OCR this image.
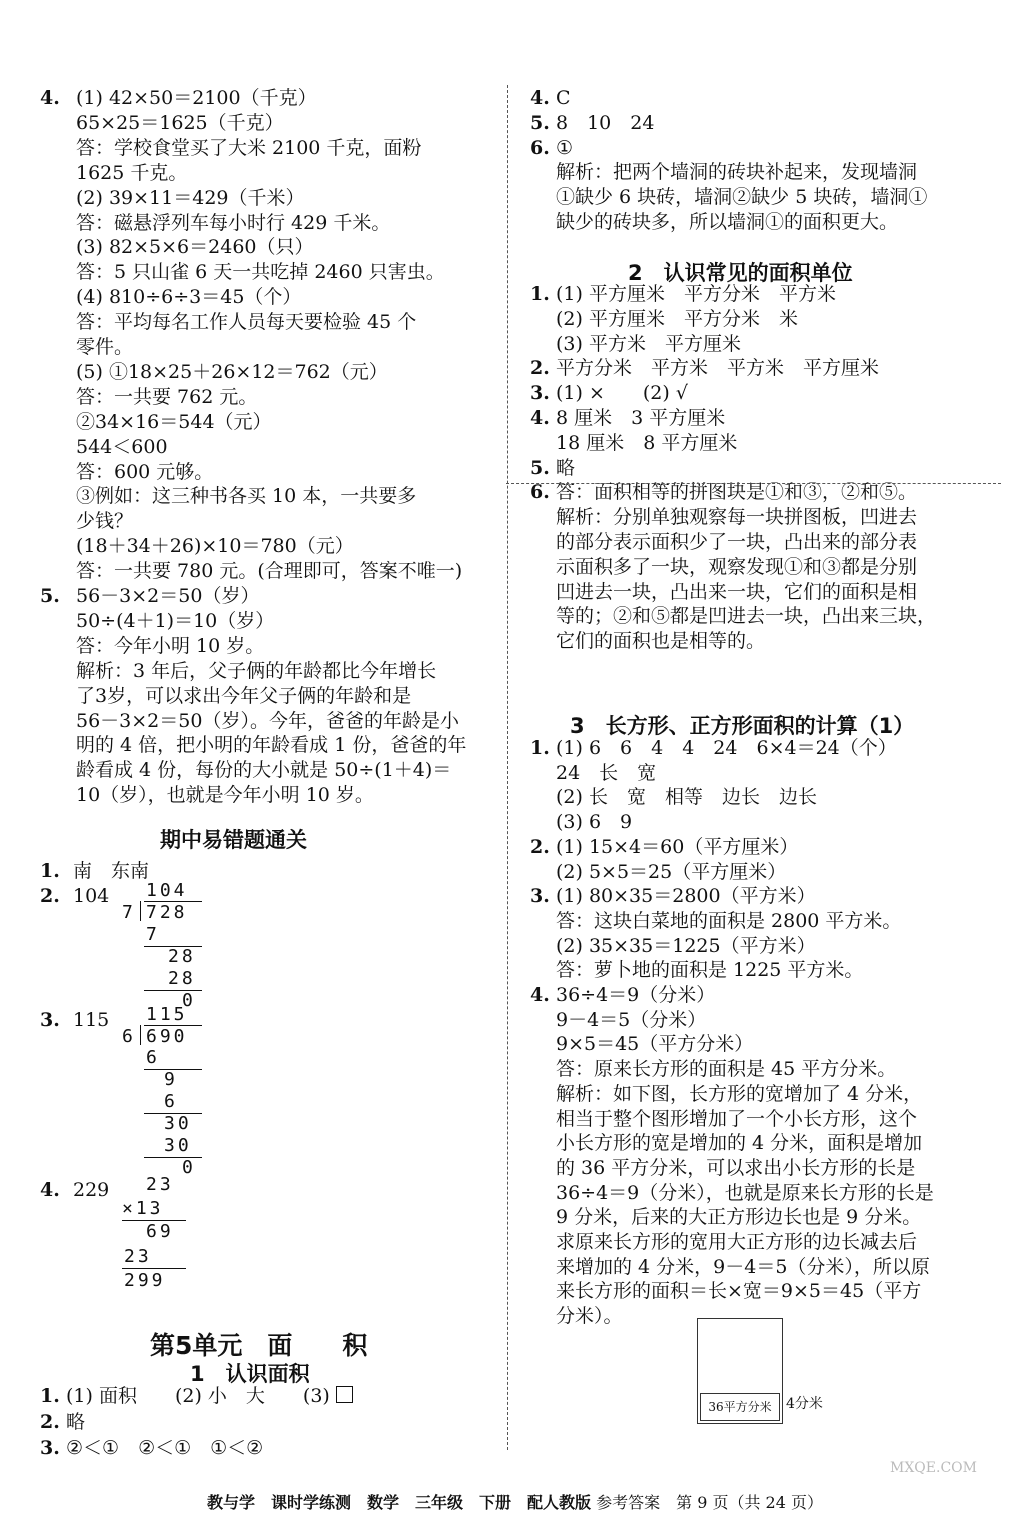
4. (1) 42×50＝2100（千克）
65×25＝1625（千克）
答：学校食堂买了大米 2100 千克，面粉
1625 千克。
(2) 39×11＝429（千米）
答：磁悬浮列车每小时行 429 千米。
(3) 82×5×6＝2460（只）
答：5 只山雀 6 天一共吃掉 2460 只害虫。
(4) 810÷6÷3＝45（个）
答：平均每名工作人员每天要检验 45 个
零件。
(5) ①18×25＋26×12＝762（元）
答：一共要 762 元。
②34×16＝544（元）
544＜600
答：600 元够。
③例如：这三种书各买 10 本，一共要多
少钱？
(18＋34＋26)×10＝780（元）
答：一共要 780 元。(合理即可，答案不唯一)
5. 56－3×2＝50（岁）
50÷(4＋1)＝10（岁）
答：今年小明 10 岁。
解析：3 年后，父子俩的年龄都比今年增长
了3岁，可以求出今年父子俩的年龄和是
56－3×2＝50（岁）。今年，爸爸的年龄是小
明的 4 倍，把小明的年龄看成 1 份，爸爸的年
龄看成 4 份，每份的大小就是 50÷(1＋4)＝
10（岁），也就是今年小明 10 岁。
期中易错题通关
1. 南　东南
2. 104 104
7 728
7
28
28
0
3. 115 115
6 690
6
9
6
30
30
0
4. 229 23
×13
69
23
299
第5单元　面　　积
1　认识面积
1. (1) 面积　　(2) 小　大　　(3)
2. 略
3. ②＜①　②＜①　①＜②
4. C
5. 8　10　24
6. ①
解析：把两个墙洞的砖块补起来，发现墙洞
①缺少 6 块砖，墙洞②缺少 5 块砖，墙洞①
缺少的砖块多，所以墙洞①的面积更大。
2　认识常见的面积单位
1. (1) 平方厘米　平方分米　平方米
(2) 平方厘米　平方分米　米
(3) 平方米　平方厘米
2. 平方分米　平方米　平方米　平方厘米
3. (1) ×　　(2) √
4. 8 厘米　3 平方厘米
18 厘米　8 平方厘米
5. 略
6. 答：面积相等的拼图块是①和③，②和⑤。
解析：分别单独观察每一块拼图板，凹进去
的部分表示面积少了一块，凸出来的部分表
示面积多了一块，观察发现①和③都是分别
凹进去一块，凸出来一块，它们的面积是相
等的；②和⑤都是凹进去一块，凸出来三块，
它们的面积也是相等的。
3　长方形、正方形面积的计算（1）
1. (1) 6　6　4　4　24　6×4＝24（个）
24　长　宽
(2) 长　宽　相等　边长　边长
(3) 6　9
2. (1) 15×4＝60（平方厘米）
(2) 5×5＝25（平方厘米）
3. (1) 80×35＝2800（平方米）
答：这块白菜地的面积是 2800 平方米。
(2) 35×35＝1225（平方米）
答：萝卜地的面积是 1225 平方米。
4. 36÷4＝9（分米）
9－4＝5（分米）
9×5＝45（平方分米）
答：原来长方形的面积是 45 平方分米。
解析：如下图，长方形的宽增加了 4 分米，
相当于整个图形增加了一个小长方形，这个
小长方形的宽是增加的 4 分米，面积是增加
的 36 平方分米，可以求出小长方形的长是
36÷4＝9（分米），也就是原来长方形的长是
9 分米，后来的大正方形边长也是 9 分米。
求原来长方形的宽用大正方形的边长减去后
来增加的 4 分米，9－4＝5（分米），所以原
来长方形的面积＝长×宽＝9×5＝45（平方
分米）。
36平方分米	4分米
MXQE.COM
教与学　课时学练测　数学　三年级　下册　配人教版 参考答案　第 9 页（共 24 页）
